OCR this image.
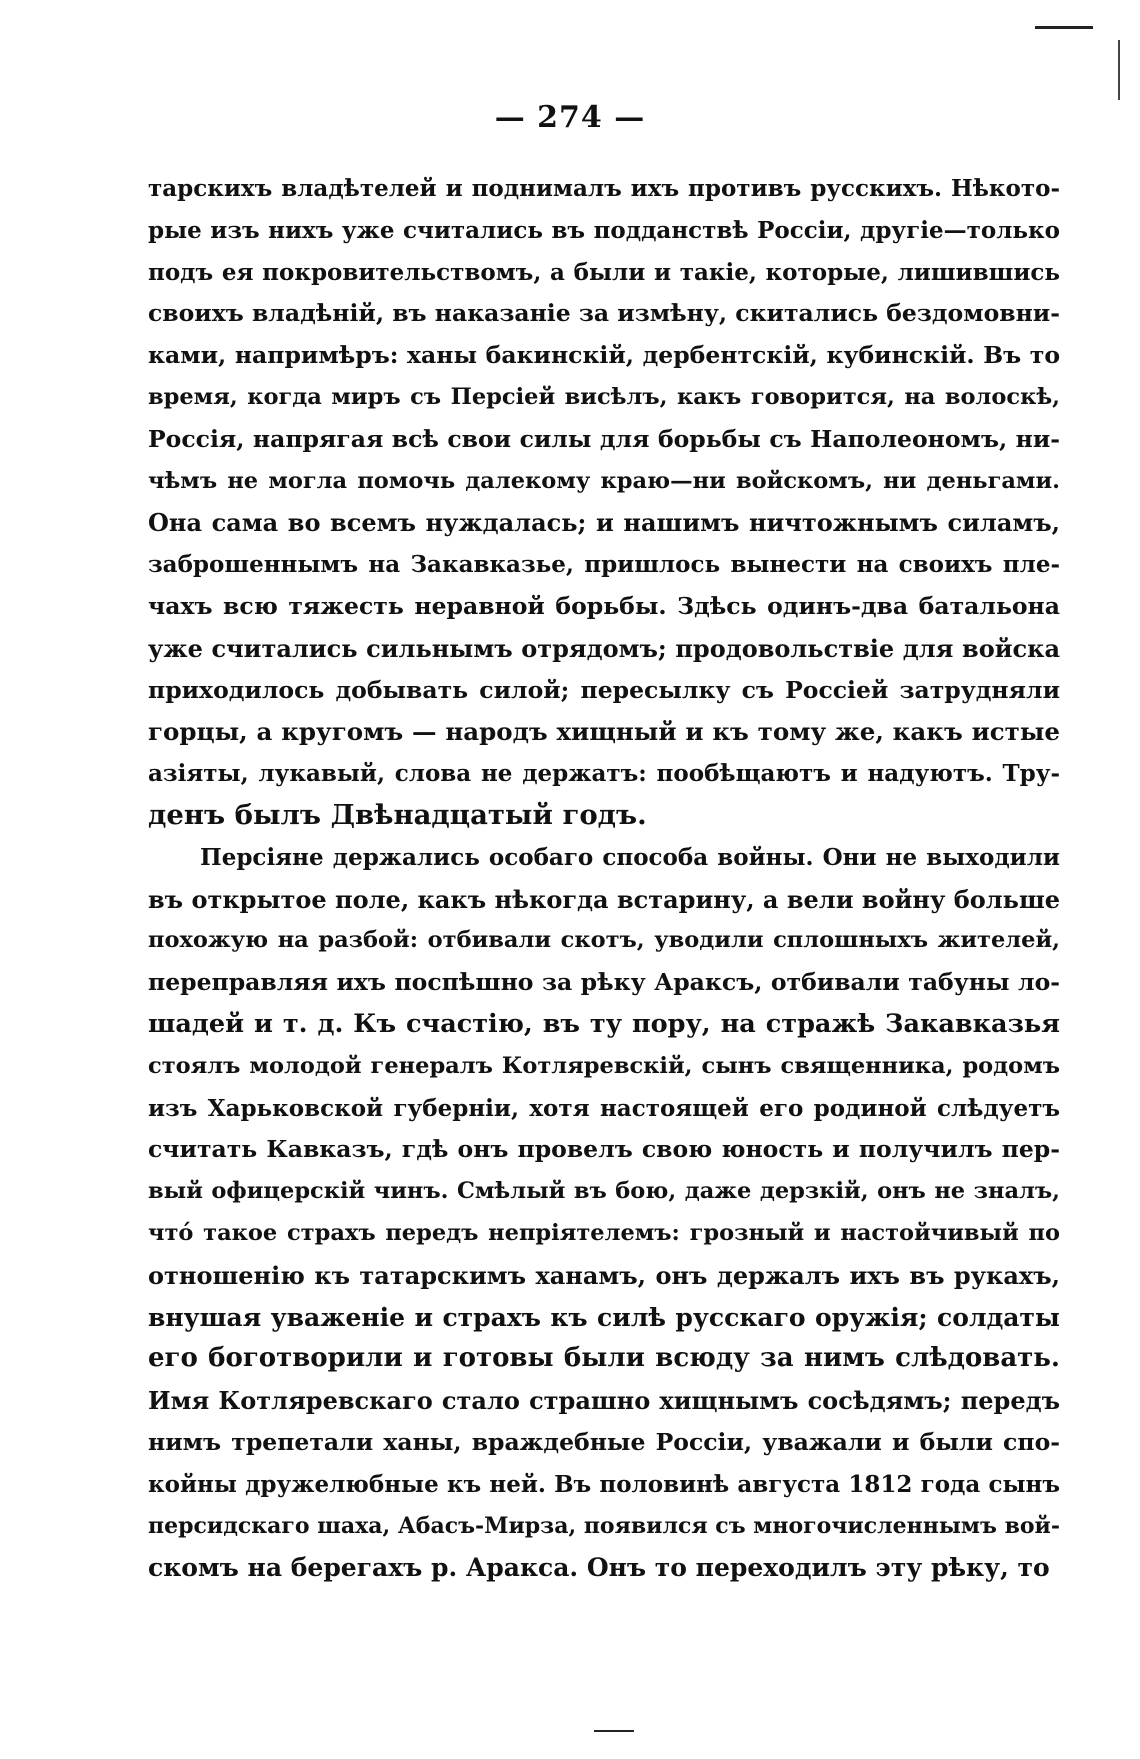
— 274 —
тарскихъ владѣтелей и поднималъ ихъ противъ русскихъ. Нѣкото-
рые изъ нихъ уже считались въ подданствѣ Россіи, другіе—только
подъ ея покровительствомъ, а были и такіе, которые, лишившись
своихъ владѣній, въ наказаніе за измѣну, скитались бездомовни-
ками, напримѣръ: ханы бакинскій, дербентскій, кубинскій. Въ то
время, когда миръ съ Персіей висѣлъ, какъ говорится, на волоскѣ,
Россія, напрягая всѣ свои силы для борьбы съ Наполеономъ, ни-
чѣмъ не могла помочь далекому краю—ни войскомъ, ни деньгами.
Она сама во всемъ нуждалась; и нашимъ ничтожнымъ силамъ,
заброшеннымъ на Закавказье, пришлось вынести на своихъ пле-
чахъ всю тяжесть неравной борьбы. Здѣсь одинъ-два батальона
уже считались сильнымъ отрядомъ; продовольствіе для войска
приходилось добывать силой; пересылку съ Россіей затрудняли
горцы, а кругомъ — народъ хищный и къ тому же, какъ истые
азіяты, лукавый, слова не держатъ: пообѣщаютъ и надуютъ. Тру-
денъ былъ Двѣнадцатый годъ.
Персіяне держались особаго способа войны. Они не выходили
въ открытое поле, какъ нѣкогда встарину, а вели войну больше
похожую на разбой: отбивали скотъ, уводили сплошныхъ жителей,
переправляя ихъ поспѣшно за рѣку Араксъ, отбивали табуны ло-
шадей и т. д. Къ счастію, въ ту пору, на стражѣ Закавказья
стоялъ молодой генералъ Котляревскій, сынъ священника, родомъ
изъ Харьковской губерніи, хотя настоящей его родиной слѣдуетъ
считать Кавказъ, гдѣ онъ провелъ свою юность и получилъ пер-
вый офицерскій чинъ. Смѣлый въ бою, даже дерзкій, онъ не зналъ,
что́ такое страхъ передъ непріятелемъ: грозный и настойчивый по
отношенію къ татарскимъ ханамъ, онъ держалъ ихъ въ рукахъ,
внушая уваженіе и страхъ къ силѣ русскаго оружія; солдаты
его боготворили и готовы были всюду за нимъ слѣдовать.
Имя Котляревскаго стало страшно хищнымъ сосѣдямъ; передъ
нимъ трепетали ханы, враждебные Россіи, уважали и были спо-
койны дружелюбные къ ней. Въ половинѣ августа 1812 года сынъ
персидскаго шаха, Абасъ-Мирза, появился съ многочисленнымъ вой-
скомъ на берегахъ р. Аракса. Онъ то переходилъ эту рѣку, то
